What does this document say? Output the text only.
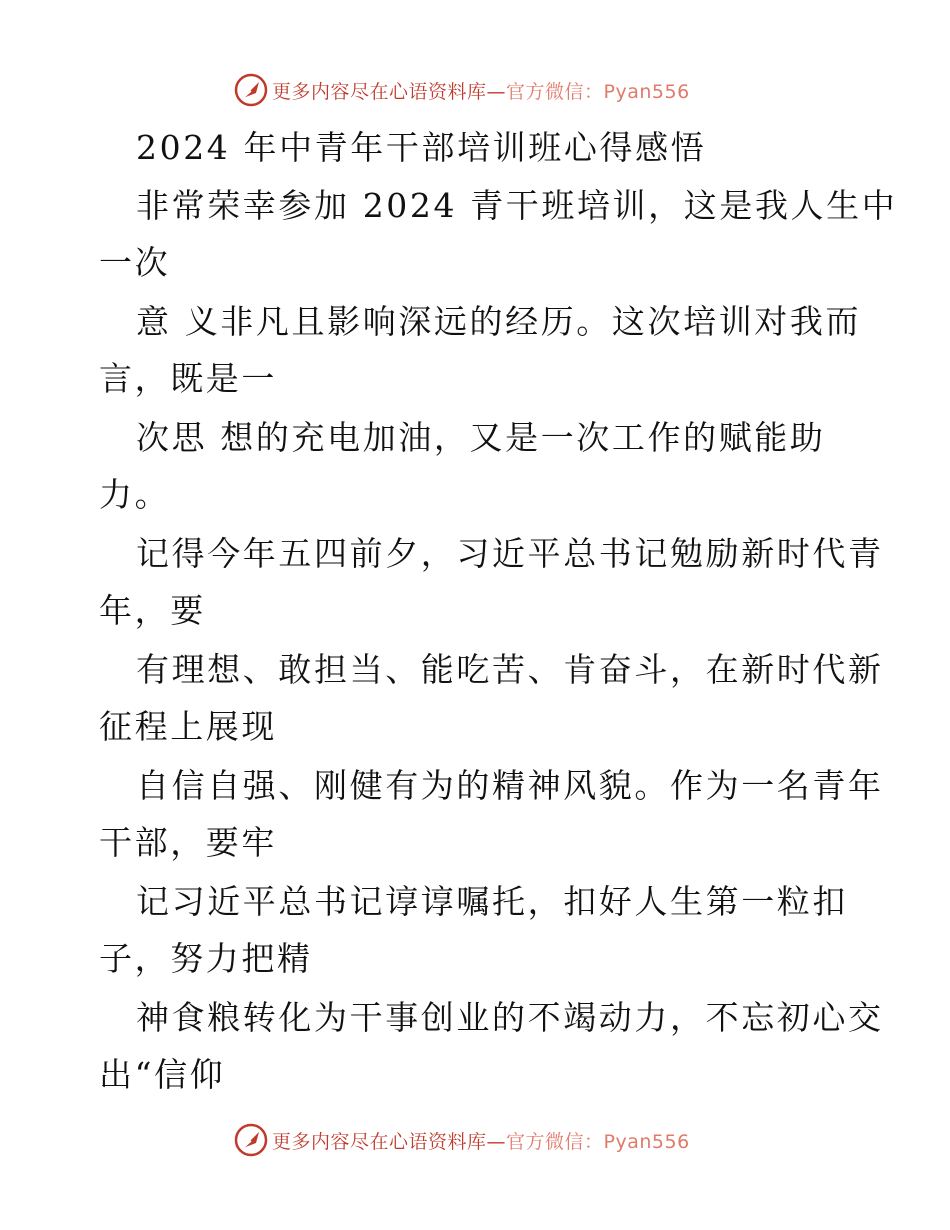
更多内容尽在心语资料库—官方微信：Pyan556
2024 年中青年干部培训班心得感悟
非常荣幸参加 2024 青干班培训，这是我人生中
一次
意 义非凡且影响深远的经历。这次培训对我而
言，既是一
次思 想的充电加油，又是一次工作的赋能助
力。
记得今年五四前夕，习近平总书记勉励新时代青
年，要
有理想、敢担当、能吃苦、肯奋斗，在新时代新
征程上展现
自信自强、刚健有为的精神风貌。作为一名青年
干部，要牢
记习近平总书记谆谆嘱托，扣好人生第一粒扣
子，努力把精
神食粮转化为干事创业的不竭动力，不忘初心交
出“信仰
更多内容尽在心语资料库—官方微信：Pyan556
